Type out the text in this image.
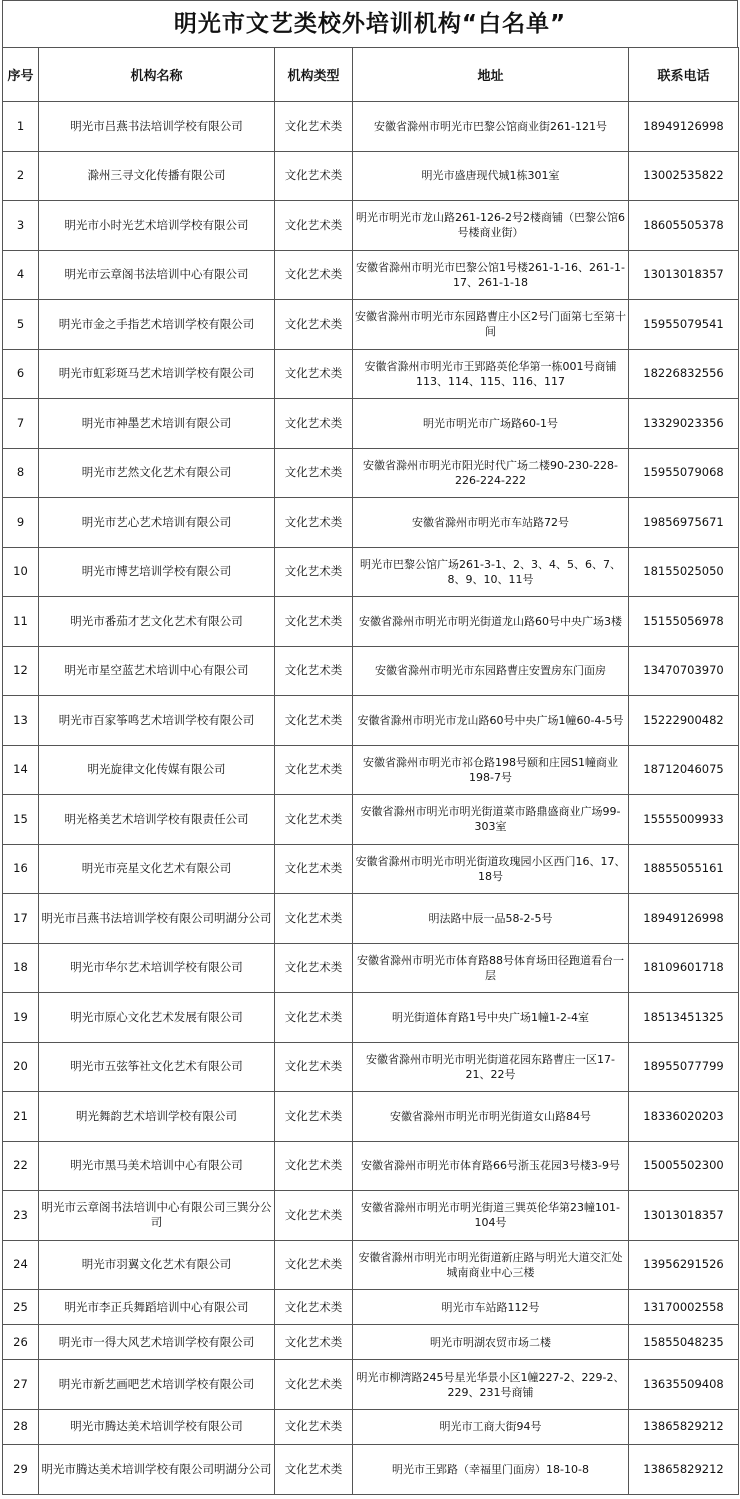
明光市文艺类校外培训机构“白名单”
序号	机构名称	机构类型	地址	联系电话
1	明光市吕燕书法培训学校有限公司	文化艺术类	安徽省滁州市明光市巴黎公馆商业街261-121号	18949126998
2	滁州三寻文化传播有限公司	文化艺术类	明光市盛唐现代城1栋301室	13002535822
3	明光市小时光艺术培训学校有限公司	文化艺术类	明光市明光市龙山路261-126-2号2楼商铺（巴黎公馆6号楼商业街）	18605505378
4	明光市云章阁书法培训中心有限公司	文化艺术类	安徽省滁州市明光市巴黎公馆1号楼261-1-16、261-1-17、261-1-18	13013018357
5	明光市金之手指艺术培训学校有限公司	文化艺术类	安徽省滁州市明光市东园路曹庄小区2号门面第七至第十间	15955079541
6	明光市虹彩斑马艺术培训学校有限公司	文化艺术类	安徽省滁州市明光市王郢路英伦华第一栋001号商铺113、114、115、116、117	18226832556
7	明光市神墨艺术培训有限公司	文化艺术类	明光市明光市广场路60-1号	13329023356
8	明光市艺然文化艺术有限公司	文化艺术类	安徽省滁州市明光市阳光时代广场二楼90-230-228-226-224-222	15955079068
9	明光市艺心艺术培训有限公司	文化艺术类	安徽省滁州市明光市车站路72号	19856975671
10	明光市博艺培训学校有限公司	文化艺术类	明光市巴黎公馆广场261-3-1、2、3、4、5、6、7、8、9、10、11号	18155025050
11	明光市番茄才艺文化艺术有限公司	文化艺术类	安徽省滁州市明光市明光街道龙山路60号中央广场3楼	15155056978
12	明光市星空蓝艺术培训中心有限公司	文化艺术类	安徽省滁州市明光市东园路曹庄安置房东门面房	13470703970
13	明光市百家筝鸣艺术培训学校有限公司	文化艺术类	安徽省滁州市明光市龙山路60号中央广场1幢60-4-5号	15222900482
14	明光旋律文化传媒有限公司	文化艺术类	安徽省滁州市明光市祁仓路198号颐和庄园S1幢商业198-7号	18712046075
15	明光格美艺术培训学校有限责任公司	文化艺术类	安徽省滁州市明光市明光街道菜市路鼎盛商业广场99-303室	15555009933
16	明光市亮星文化艺术有限公司	文化艺术类	安徽省滁州市明光市明光街道玫瑰园小区西门16、17、18号	18855055161
17	明光市吕燕书法培训学校有限公司明湖分公司	文化艺术类	明法路中辰一品58-2-5号	18949126998
18	明光市华尔艺术培训学校有限公司	文化艺术类	安徽省滁州市明光市体育路88号体育场田径跑道看台一层	18109601718
19	明光市原心文化艺术发展有限公司	文化艺术类	明光街道体育路1号中央广场1幢1-2-4室	18513451325
20	明光市五弦筝社文化艺术有限公司	文化艺术类	安徽省滁州市明光市明光街道花园东路曹庄一区17-21、22号	18955077799
21	明光舞韵艺术培训学校有限公司	文化艺术类	安徽省滁州市明光市明光街道女山路84号	18336020203
22	明光市黑马美术培训中心有限公司	文化艺术类	安徽省滁州市明光市体育路66号浙玉花园3号楼3-9号	15005502300
23	明光市云章阁书法培训中心有限公司三巽分公司	文化艺术类	安徽省滁州市明光市明光街道三巽英伦华第23幢101-104号	13013018357
24	明光市羽翼文化艺术有限公司	文化艺术类	安徽省滁州市明光市明光街道新庄路与明光大道交汇处城南商业中心三楼	13956291526
25	明光市李正兵舞蹈培训中心有限公司	文化艺术类	明光市车站路112号	13170002558
26	明光市一得大风艺术培训学校有限公司	文化艺术类	明光市明湖农贸市场二楼	15855048235
27	明光市新艺画吧艺术培训学校有限公司	文化艺术类	明光市柳湾路245号星光华景小区1幢227-2、229-2、229、231号商铺	13635509408
28	明光市腾达美术培训学校有限公司	文化艺术类	明光市工商大街94号	13865829212
29	明光市腾达美术培训学校有限公司明湖分公司	文化艺术类	明光市王郢路（幸福里门面房）18-10-8	13865829212
